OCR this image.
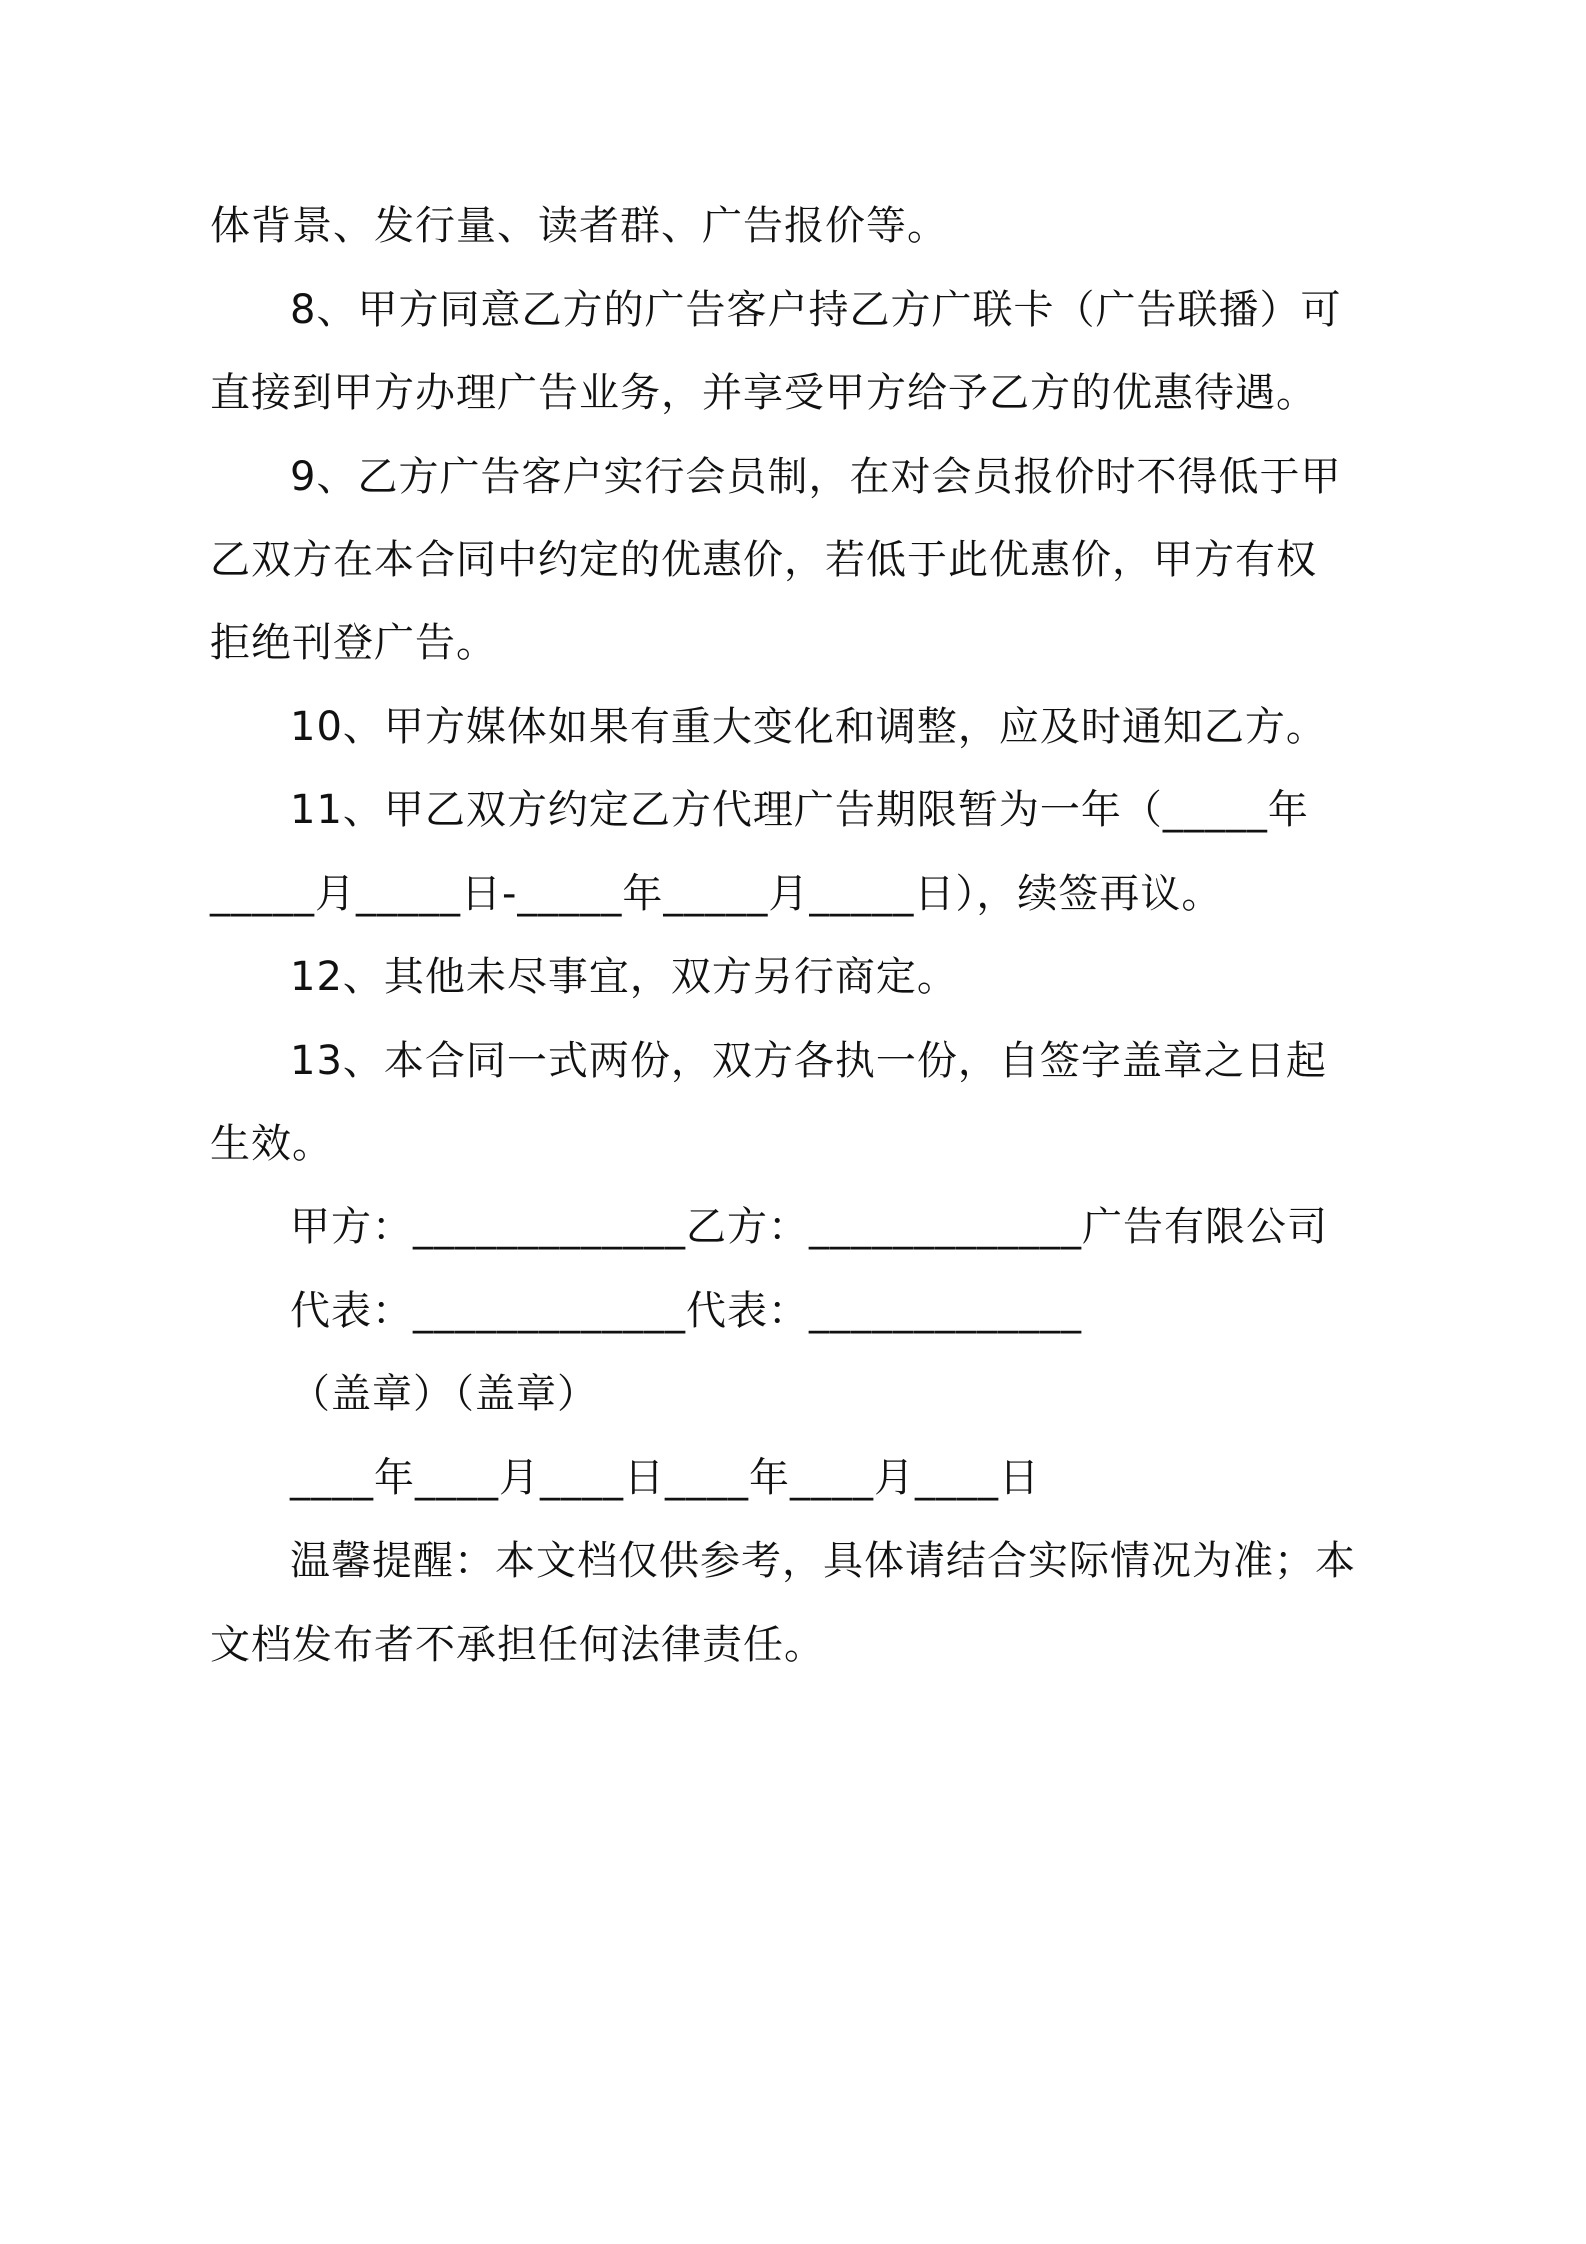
体背景、发行量、读者群、广告报价等。
8、甲方同意乙方的广告客户持乙方广联卡（广告联播）可
直接到甲方办理广告业务，并享受甲方给予乙方的优惠待遇。
9、乙方广告客户实行会员制，在对会员报价时不得低于甲
乙双方在本合同中约定的优惠价，若低于此优惠价，甲方有权
拒绝刊登广告。
10、甲方媒体如果有重大变化和调整，应及时通知乙方。
11、甲乙双方约定乙方代理广告期限暂为一年（_____年
_____月_____日-_____年_____月_____日），续签再议。
12、其他未尽事宜，双方另行商定。
13、本合同一式两份，双方各执一份，自签字盖章之日起
生效。
甲方：_____________乙方：_____________广告有限公司
代表：_____________代表：_____________
（盖章）（盖章）
____年____月____日____年____月____日
温馨提醒：本文档仅供参考，具体请结合实际情况为准；本
文档发布者不承担任何法律责任。
